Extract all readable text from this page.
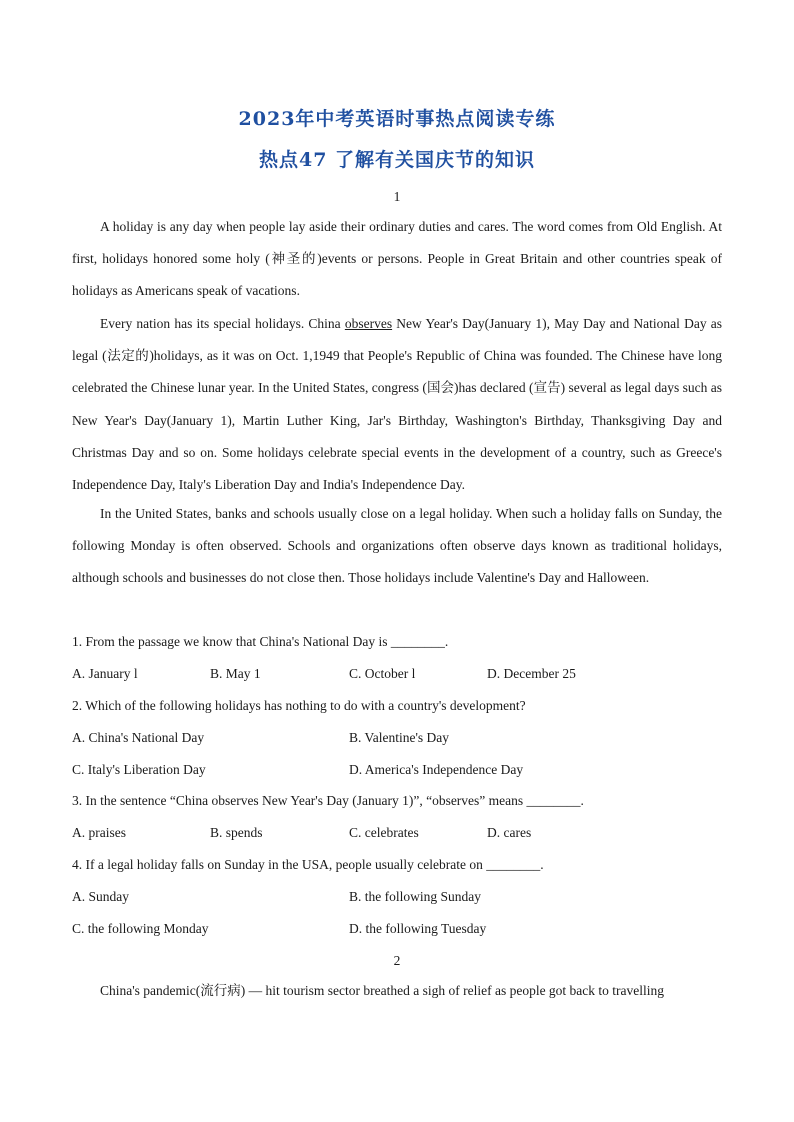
2023年中考英语时事热点阅读专练
热点47 了解有关国庆节的知识
1

A holiday is any day when people lay aside their ordinary duties and cares. The word comes from Old English. At first, holidays honored some holy (神圣的)events or persons. People in Great Britain and other countries speak of holidays as Americans speak of vacations.

Every nation has its special holidays. China observes New Year's Day(January 1), May Day and National Day as legal (法定的)holidays, as it was on Oct. 1,1949 that People's Republic of China was founded. The Chinese have long celebrated the Chinese lunar year. In the United States, congress (国会)has declared (宣告) several as legal days such as New Year's Day(January 1), Martin Luther King, Jar's Birthday, Washington's Birthday, Thanksgiving Day and Christmas Day and so on. Some holidays celebrate special events in the development of a country, such as Greece's Independence Day, Italy's Liberation Day and India's Independence Day.

In the United States, banks and schools usually close on a legal holiday. When such a holiday falls on Sunday, the following Monday is often observed. Schools and organizations often observe days known as traditional holidays, although schools and businesses do not close then. Those holidays include Valentine's Day and Halloween.

1. From the passage we know that China's National Day is ________.
A. January l	B. May 1	C. October l	D. December 25
2. Which of the following holidays has nothing to do with a country's development?
A. China's National Day	B. Valentine's Day
C. Italy's Liberation Day	D. America's Independence Day
3. In the sentence “China observes New Year's Day (January 1)”, “observes” means ________.
A. praises	B. spends	C. celebrates	D. cares
4. If a legal holiday falls on Sunday in the USA, people usually celebrate on ________.
A. Sunday	B. the following Sunday
C. the following Monday	D. the following Tuesday
2

China's pandemic(流行病) — hit tourism sector breathed a sigh of relief as people got back to travelling
